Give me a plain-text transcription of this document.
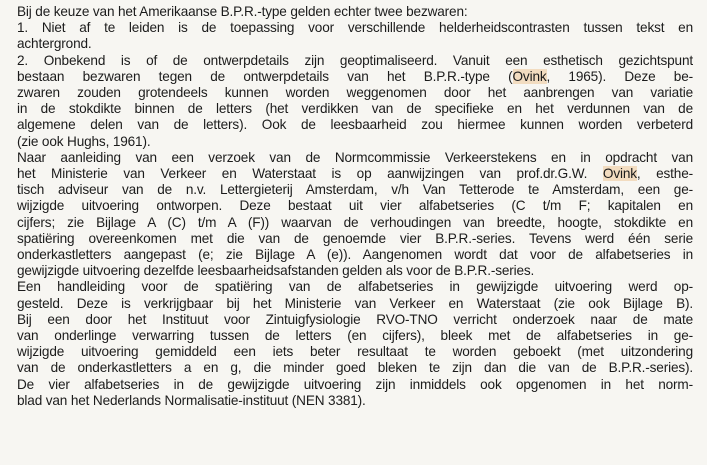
Bij de keuze van het Amerikaanse B.P.R.-type gelden echter twee bezwaren:
1. Niet af te leiden is de toepassing voor verschillende helderheidscontrasten tussen tekst en
achtergrond.
2. Onbekend is of de ontwerpdetails zijn geoptimaliseerd. Vanuit een esthetisch gezichtspunt
bestaan bezwaren tegen de ontwerpdetails van het B.P.R.-type (Ovink, 1965). Deze be-
zwaren zouden grotendeels kunnen worden weggenomen door het aanbrengen van variatie
in de stokdikte binnen de letters (het verdikken van de specifieke en het verdunnen van de
algemene delen van de letters). Ook de leesbaarheid zou hiermee kunnen worden verbeterd
(zie ook Hughs, 1961).
Naar aanleiding van een verzoek van de Normcommissie Verkeerstekens en in opdracht van
het Ministerie van Verkeer en Waterstaat is op aanwijzingen van prof.dr.G.W. Ovink, esthe-
tisch adviseur van de n.v. Lettergieterij Amsterdam, v/h Van Tetterode te Amsterdam, een ge-
wijzigde uitvoering ontworpen. Deze bestaat uit vier alfabetseries (C t/m F; kapitalen en
cijfers; zie Bijlage A (C) t/m A (F)) waarvan de verhoudingen van breedte, hoogte, stokdikte en
spatiëring overeenkomen met die van de genoemde vier B.P.R.-series. Tevens werd één serie
onderkastletters aangepast (e; zie Bijlage A (e)). Aangenomen wordt dat voor de alfabetseries in
gewijzigde uitvoering dezelfde leesbaarheidsafstanden gelden als voor de B.P.R.-series.
Een handleiding voor de spatiëring van de alfabetseries in gewijzigde uitvoering werd op-
gesteld. Deze is verkrijgbaar bij het Ministerie van Verkeer en Waterstaat (zie ook Bijlage B).
Bij een door het Instituut voor Zintuigfysiologie RVO-TNO verricht onderzoek naar de mate
van onderlinge verwarring tussen de letters (en cijfers), bleek met de alfabetseries in ge-
wijzigde uitvoering gemiddeld een iets beter resultaat te worden geboekt (met uitzondering
van de onderkastletters a en g, die minder goed bleken te zijn dan die van de B.P.R.-series).
De vier alfabetseries in de gewijzigde uitvoering zijn inmiddels ook opgenomen in het norm-
blad van het Nederlands Normalisatie-instituut (NEN 3381).
